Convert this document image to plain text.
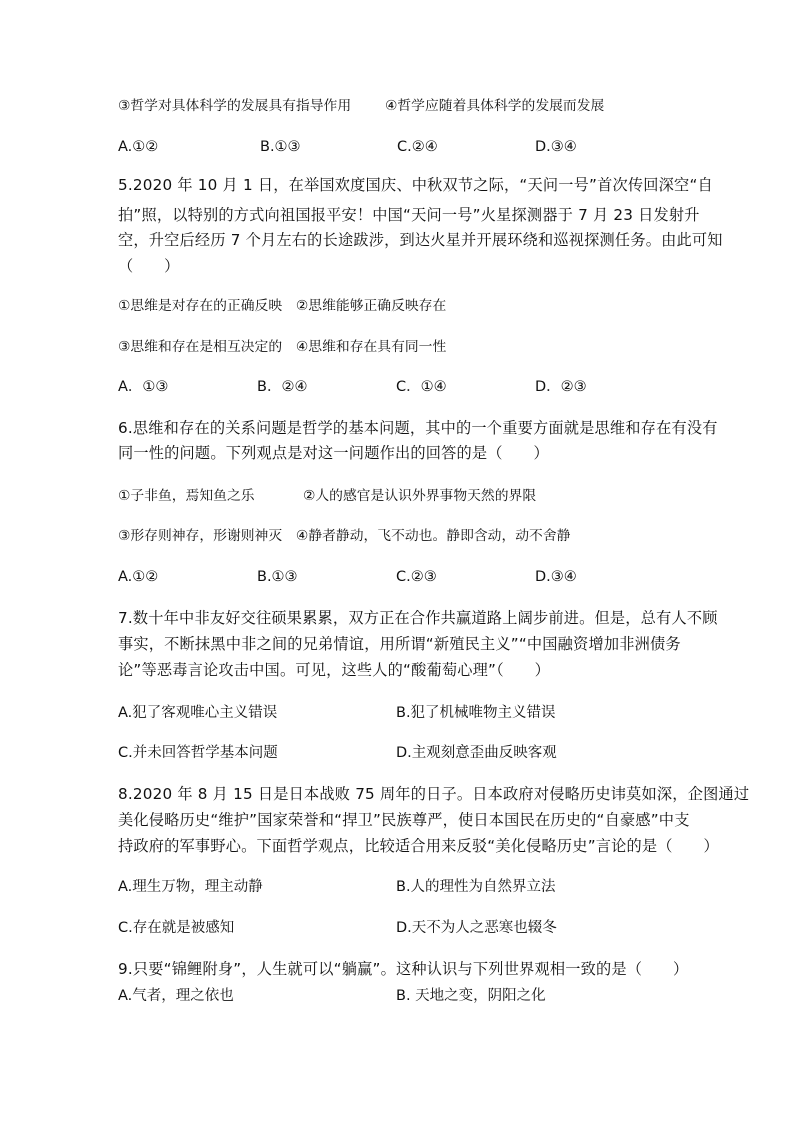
③哲学对具体科学的发展具有指导作用 ④哲学应随着具体科学的发展而发展
A.①②	B.①③	C.②④	D.③④
5.2020 年 10 月 1 日，在举国欢度国庆、中秋双节之际，“天问一号”首次传回深空“自
拍”照，以特别的方式向祖国报平安！中国“天问一号”火星探测器于 7 月 23 日发射升
空，升空后经历 7 个月左右的长途跋涉，到达火星并开展环绕和巡视探测任务。由此可知
（　　）
①思维是对存在的正确反映　②思维能够正确反映存在
③思维和存在是相互决定的　④思维和存在具有同一性
A．①③	B．②④	C．①④	D．②③
6.思维和存在的关系问题是哲学的基本问题，其中的一个重要方面就是思维和存在有没有
同一性的问题。下列观点是对这一问题作出的回答的是（　　）
①子非鱼，焉知鱼之乐	②人的感官是认识外界事物天然的界限
③形存则神存，形谢则神灭　④静者静动，飞不动也。静即含动，动不舍静
A.①②	B.①③	C.②③	D.③④
7.数十年中非友好交往硕果累累，双方正在合作共赢道路上阔步前进。但是，总有人不顾
事实，不断抹黑中非之间的兄弟情谊，用所谓“新殖民主义”“中国融资增加非洲债务
论”等恶毒言论攻击中国。可见，这些人的“酸葡萄心理”（　　）
A.犯了客观唯心主义错误	B.犯了机械唯物主义错误
C.并未回答哲学基本问题	D.主观刻意歪曲反映客观
8.2020 年 8 月 15 日是日本战败 75 周年的日子。日本政府对侵略历史讳莫如深，企图通过
美化侵略历史“维护”国家荣誉和“捍卫”民族尊严，使日本国民在历史的“自豪感”中支
持政府的军事野心。下面哲学观点，比较适合用来反驳“美化侵略历史”言论的是（　　）
A.理生万物，理主动静	B.人的理性为自然界立法
C.存在就是被感知	D.天不为人之恶寒也辍冬
9.只要“锦鲤附身”，人生就可以“躺赢”。这种认识与下列世界观相一致的是（　　）
A.气者，理之依也	B. 天地之变，阴阳之化
